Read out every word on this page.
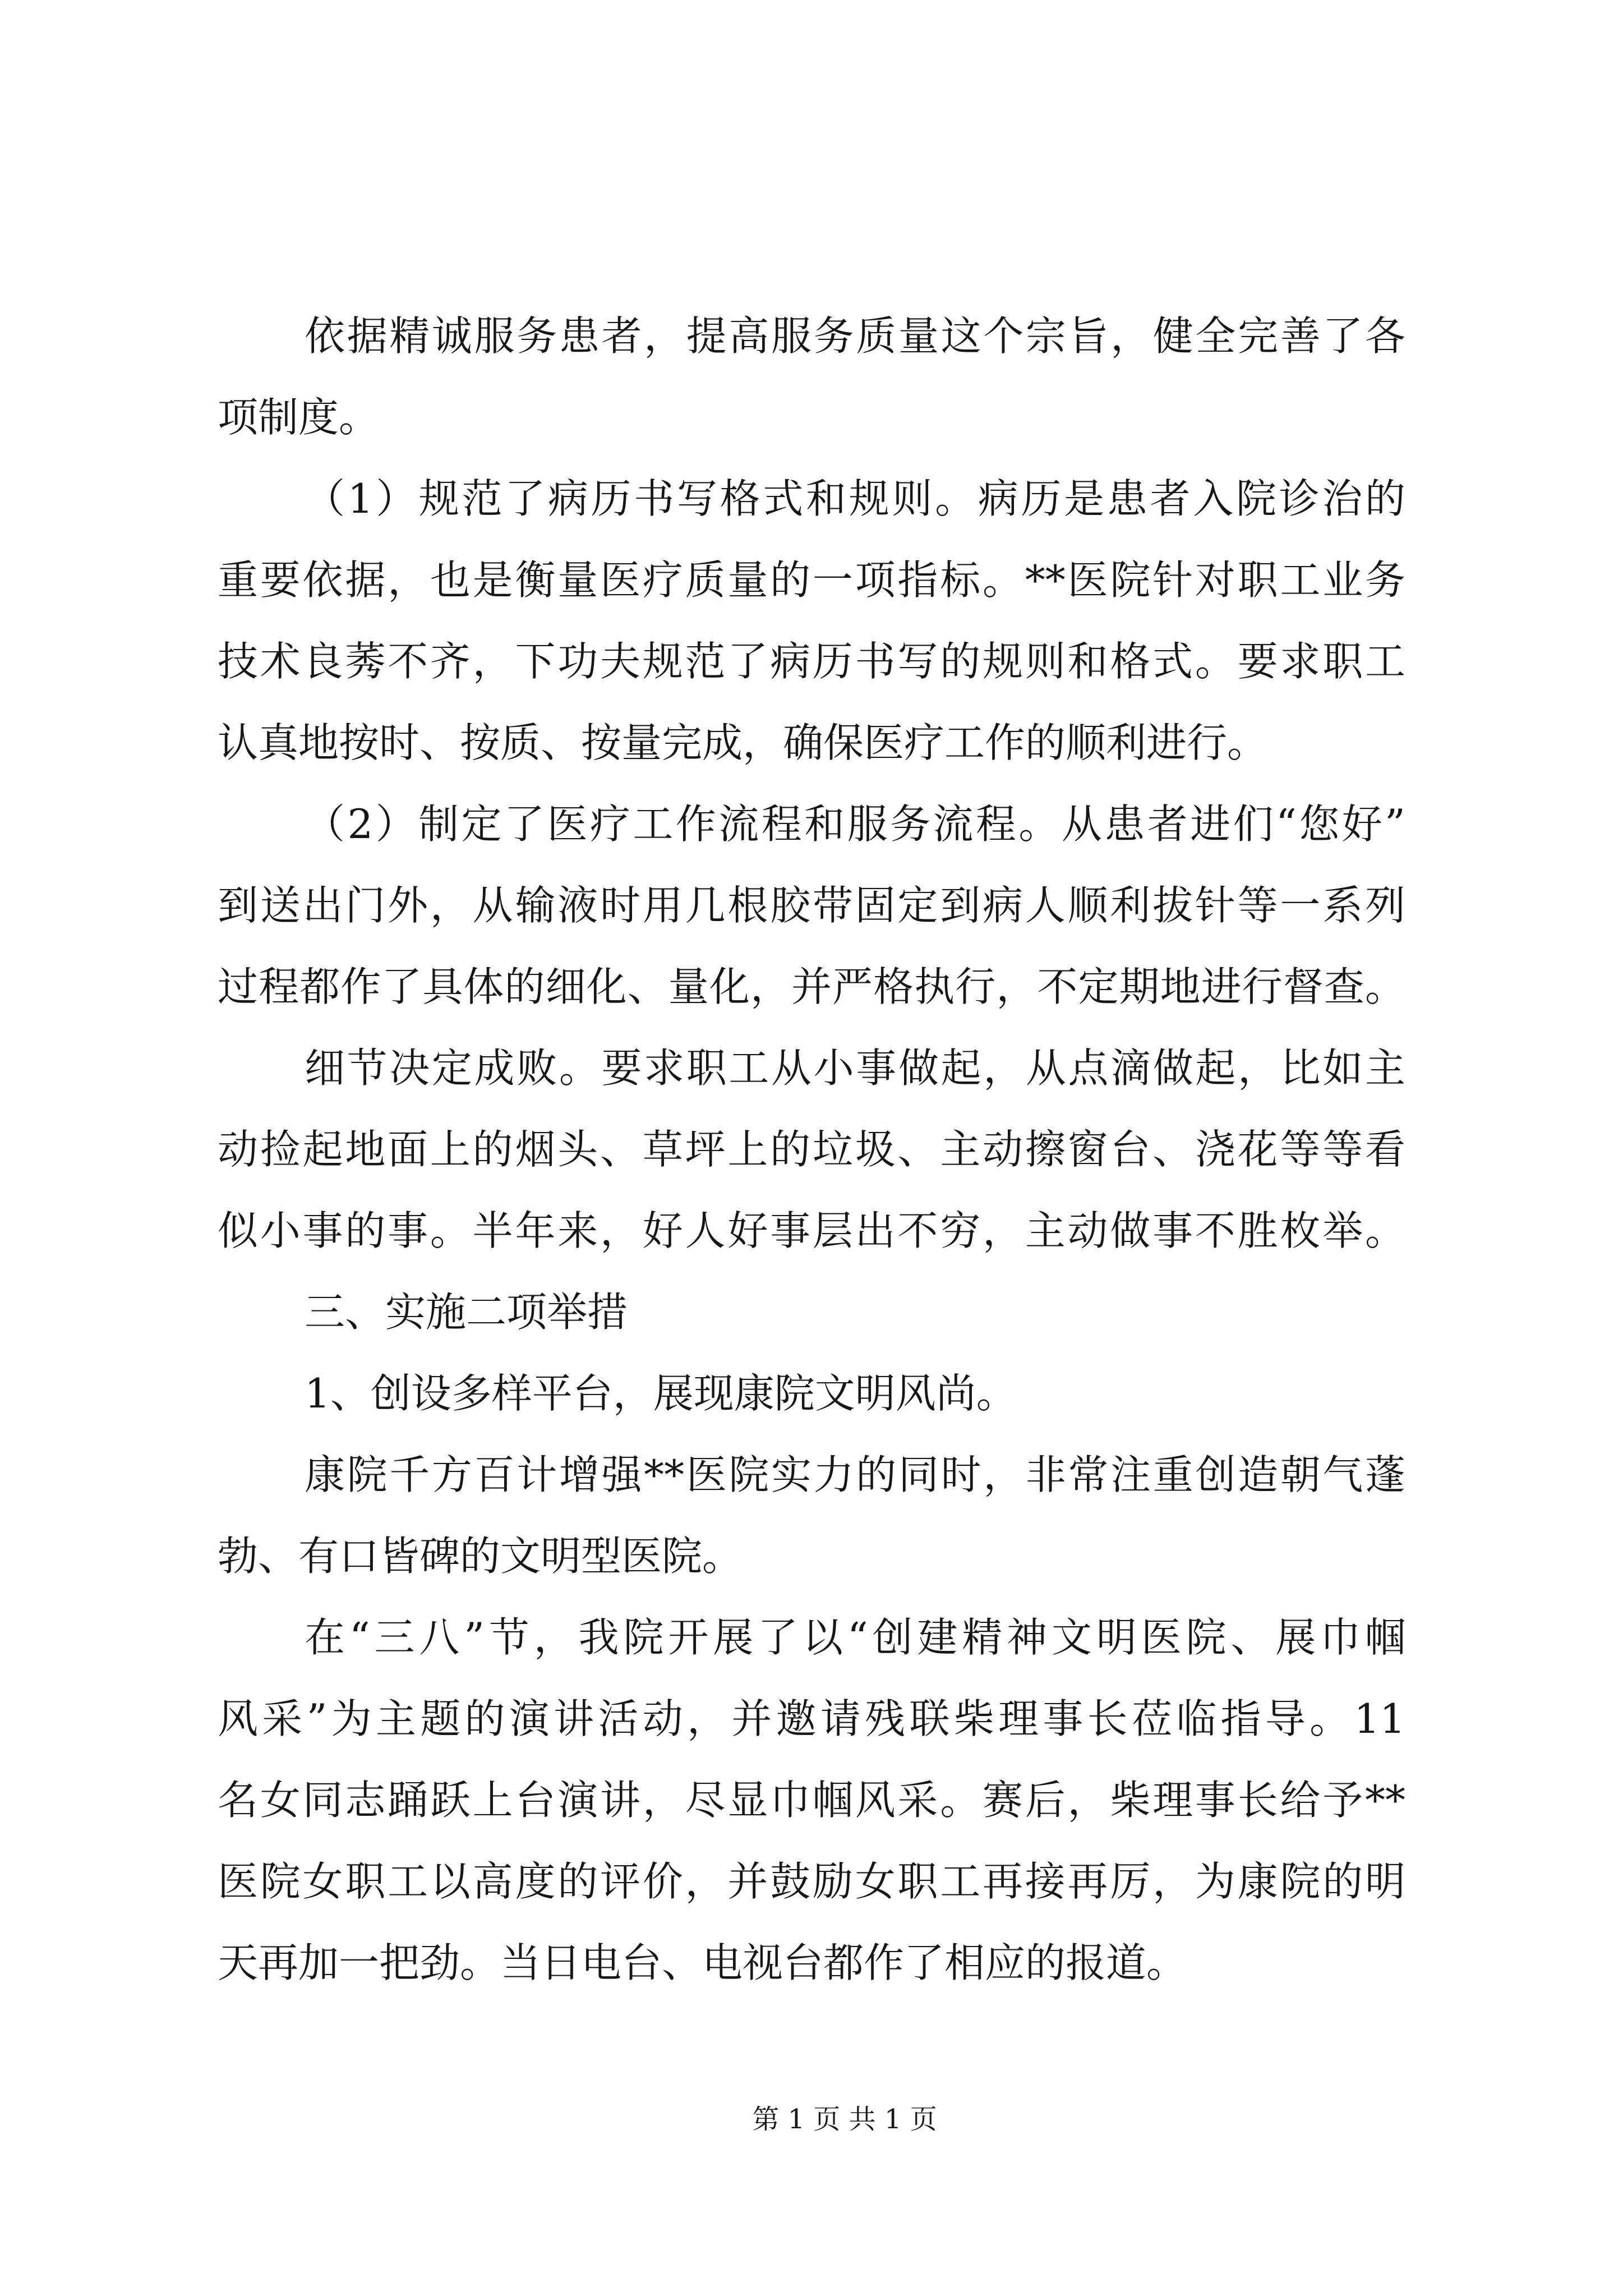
依据精诚服务患者，提高服务质量这个宗旨，健全完善了各
项制度。
（1）规范了病历书写格式和规则。病历是患者入院诊治的
重要依据，也是衡量医疗质量的一项指标。**医院针对职工业务
技术良莠不齐，下功夫规范了病历书写的规则和格式。要求职工
认真地按时、按质、按量完成，确保医疗工作的顺利进行。
（2）制定了医疗工作流程和服务流程。从患者进们“您好”
到送出门外，从输液时用几根胶带固定到病人顺利拔针等一系列
过程都作了具体的细化、量化，并严格执行，不定期地进行督查。
细节决定成败。要求职工从小事做起，从点滴做起，比如主
动捡起地面上的烟头、草坪上的垃圾、主动擦窗台、浇花等等看
似小事的事。半年来，好人好事层出不穷，主动做事不胜枚举。
三、实施二项举措
1、创设多样平台，展现康院文明风尚。
康院千方百计增强**医院实力的同时，非常注重创造朝气蓬
勃、有口皆碑的文明型医院。
在“三八”节，我院开展了以“创建精神文明医院、展巾帼
风采”为主题的演讲活动，并邀请残联柴理事长莅临指导。11
名女同志踊跃上台演讲，尽显巾帼风采。赛后，柴理事长给予**
医院女职工以高度的评价，并鼓励女职工再接再厉，为康院的明
天再加一把劲。当日电台、电视台都作了相应的报道。
第 1 页 共 1 页
